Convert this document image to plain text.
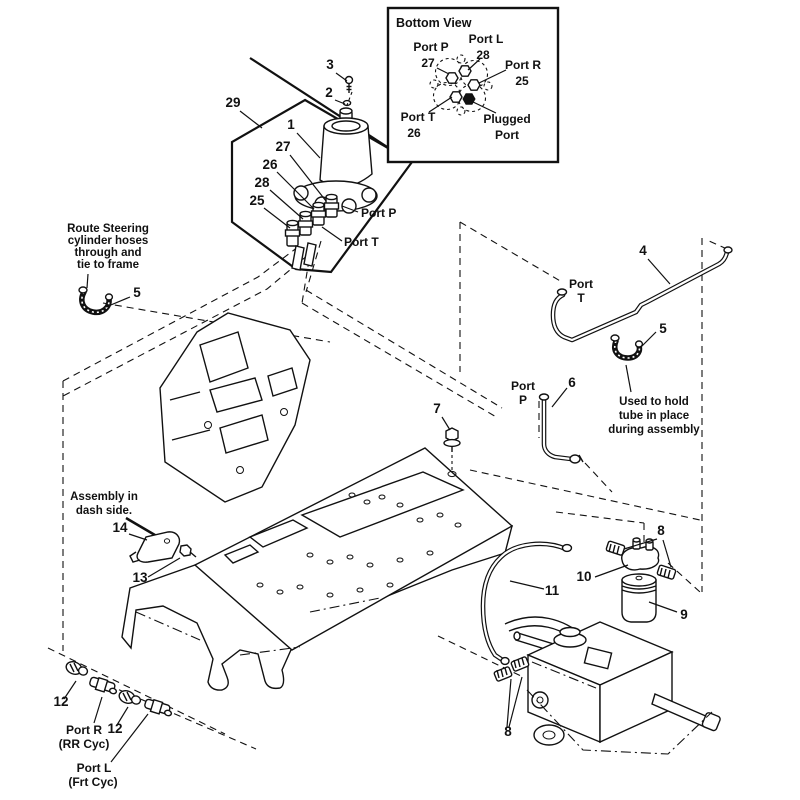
3
2
29
1
27
26
28
25
Port P
Port T
Bottom View
Port P
27
Port L
28
Port R
25
Port T
26
Plugged
Port
Route Steering
cylinder hoses
through and
tie to frame
5
Port
T
4
5
Used to hold
tube in place
during assembly
Port
P
6
7
Assembly in
dash side.
14
13
8
8
10
9
11
12
12
Port R
(RR Cyc)
Port L
(Frt Cyc)
